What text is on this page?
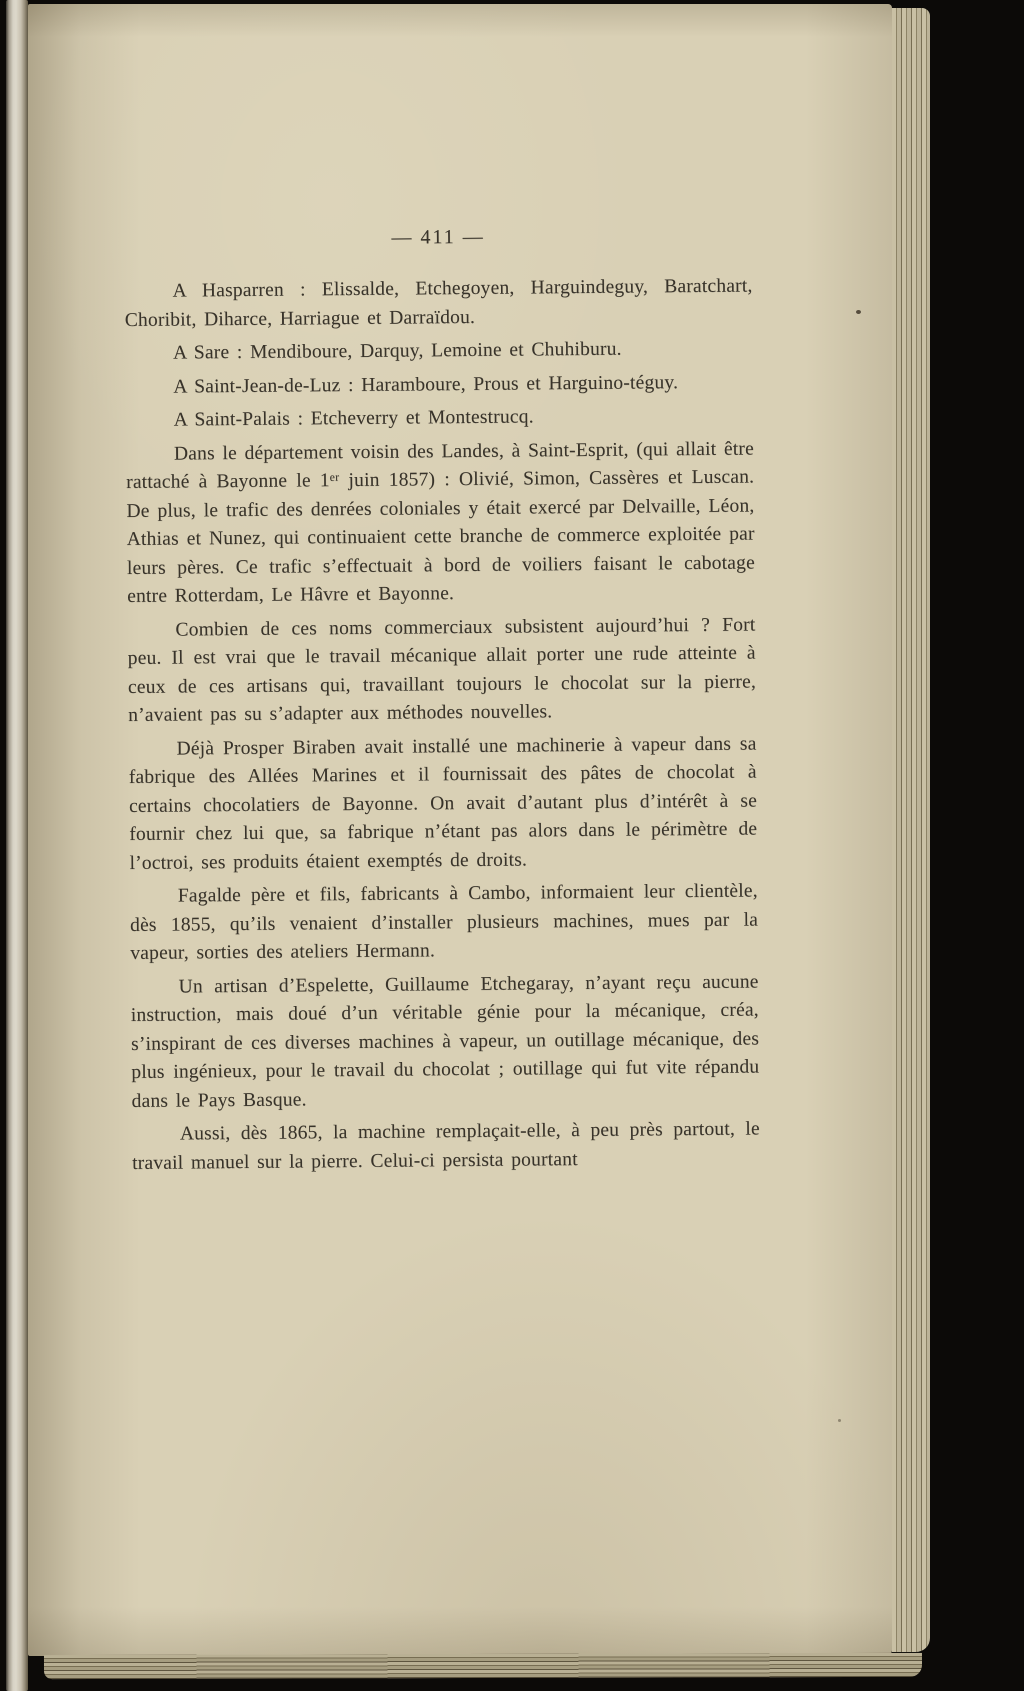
— 411 —

A Hasparren : Elissalde, Etchegoyen, Harguindeguy, Baratchart, Choribit, Diharce, Harriague et Darraïdou.

A Sare : Mendiboure, Darquy, Lemoine et Chuhiburu.

A Saint-Jean-de-Luz : Haramboure, Prous et Harguino-téguy.

A Saint-Palais : Etcheverry et Montestrucq.

Dans le département voisin des Landes, à Saint-Esprit, (qui allait être rattaché à Bayonne le 1ᵉʳ juin 1857) : Olivié, Simon, Cassères et Luscan. De plus, le trafic des denrées coloniales y était exercé par Delvaille, Léon, Athias et Nunez, qui continuaient cette branche de commerce exploitée par leurs pères. Ce trafic s’effectuait à bord de voiliers faisant le cabotage entre Rotterdam, Le Hâvre et Bayonne.

Combien de ces noms commerciaux subsistent aujourd’hui ? Fort peu. Il est vrai que le travail mécanique allait porter une rude atteinte à ceux de ces artisans qui, travaillant toujours le chocolat sur la pierre, n’avaient pas su s’adapter aux méthodes nouvelles.

Déjà Prosper Biraben avait installé une machinerie à vapeur dans sa fabrique des Allées Marines et il fournissait des pâtes de chocolat à certains chocolatiers de Bayonne. On avait d’autant plus d’intérêt à se fournir chez lui que, sa fabrique n’étant pas alors dans le périmètre de l’octroi, ses produits étaient exemptés de droits.

Fagalde père et fils, fabricants à Cambo, informaient leur clientèle, dès 1855, qu’ils venaient d’installer plusieurs machines, mues par la vapeur, sorties des ateliers Hermann.

Un artisan d’Espelette, Guillaume Etchegaray, n’ayant reçu aucune instruction, mais doué d’un véritable génie pour la mécanique, créa, s’inspirant de ces diverses machines à vapeur, un outillage mécanique, des plus ingénieux, pour le travail du chocolat ; outillage qui fut vite répandu dans le Pays Basque.

Aussi, dès 1865, la machine remplaçait-elle, à peu près partout, le travail manuel sur la pierre. Celui-ci persista pourtant
